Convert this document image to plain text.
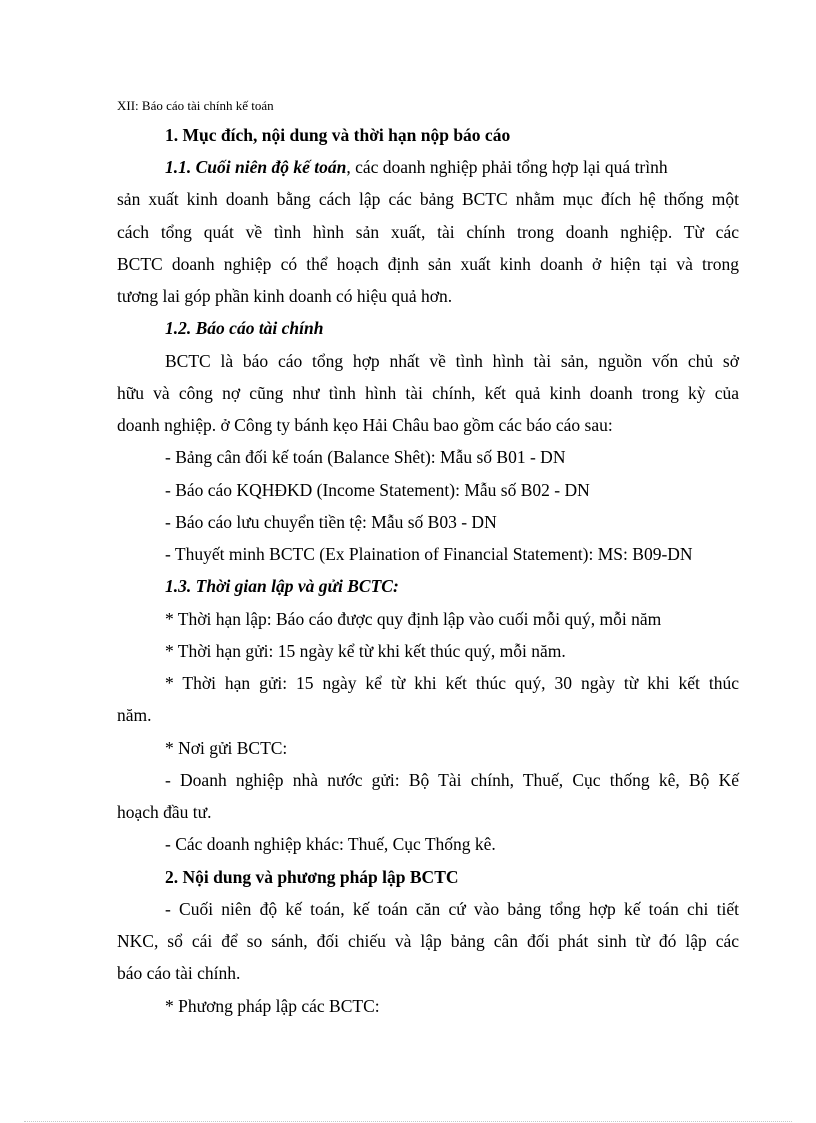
XII: Báo cáo tài chính kế toán
1. Mục đích, nội dung và thời hạn nộp báo cáo
1.1. Cuối niên độ kế toán, các doanh nghiệp phải tổng hợp lại quá trình
sản xuất kinh doanh bằng cách lập các bảng BCTC nhằm mục đích hệ thống một
cách tổng quát về tình hình sản xuất, tài chính trong doanh nghiệp. Từ các
BCTC doanh nghiệp có thể hoạch định sản xuất kinh doanh ở hiện tại và trong
tương lai góp phần kinh doanh có hiệu quả hơn.
1.2. Báo cáo tài chính
BCTC là báo cáo tổng hợp nhất về tình hình tài sản, nguồn vốn chủ sở
hữu và công nợ cũng như tình hình tài chính, kết quả kinh doanh trong kỳ của
doanh nghiệp. ở Công ty bánh kẹo Hải Châu bao gồm các báo cáo sau:
- Bảng cân đối kế toán (Balance Shêt): Mẫu số B01 - DN
- Báo cáo KQHĐKD (Income Statement): Mẫu số B02 - DN
- Báo cáo lưu chuyển tiền tệ: Mẫu số B03 - DN
- Thuyết minh BCTC (Ex Plaination of Financial Statement): MS: B09-DN
1.3. Thời gian lập và gửi BCTC:
* Thời hạn lập: Báo cáo được quy định lập vào cuối mỗi quý, mỗi năm
* Thời hạn gửi: 15 ngày kể từ khi kết thúc quý, mỗi năm.
* Thời hạn gửi: 15 ngày kể từ khi kết thúc quý, 30 ngày từ khi kết thúc
năm.
* Nơi gửi BCTC:
- Doanh nghiệp nhà nước gửi: Bộ Tài chính, Thuế, Cục thống kê, Bộ Kế
hoạch đầu tư.
- Các doanh nghiệp khác: Thuế, Cục Thống kê.
2. Nội dung và phương pháp lập BCTC
- Cuối niên độ kế toán, kế toán căn cứ vào bảng tổng hợp kế toán chi tiết
NKC, sổ cái để so sánh, đối chiếu và lập bảng cân đối phát sinh từ đó lập các
báo cáo tài chính.
* Phương pháp lập các BCTC:
